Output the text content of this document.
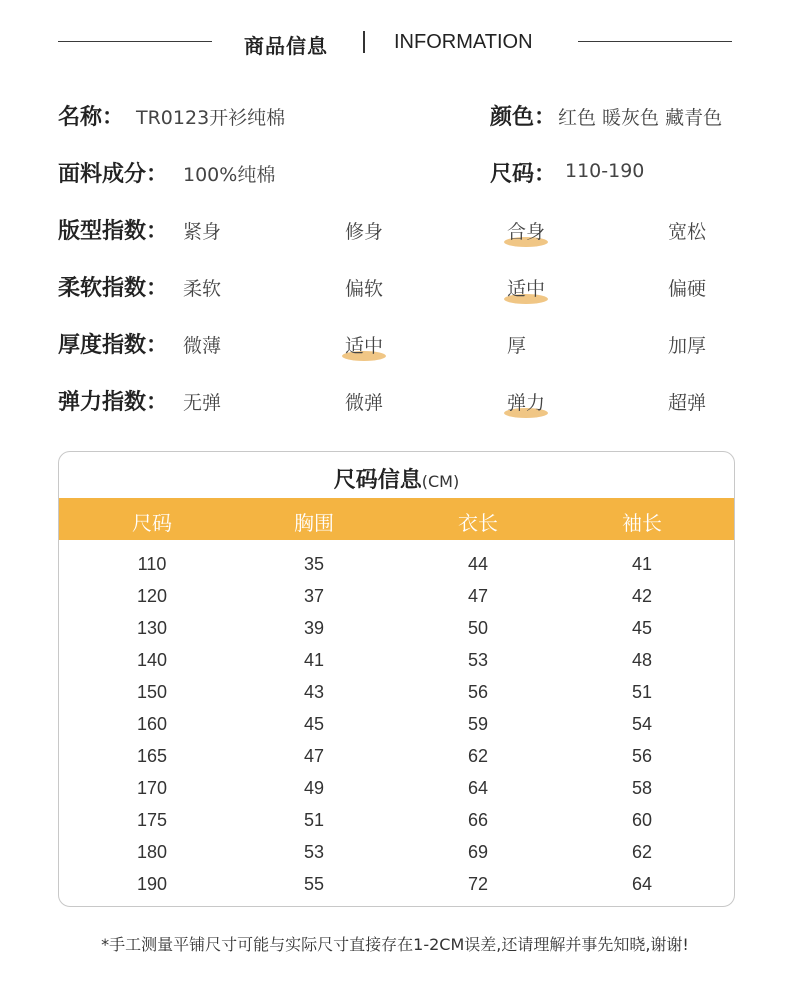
商品信息	INFORMATION
名称： TR0123开衫纯棉	颜色： 红色 暖灰色 藏青色
面料成分： 100%纯棉	尺码： 110-190
版型指数： 紧身	修身	合身	宽松
柔软指数： 柔软	偏软	适中	偏硬
厚度指数： 微薄	适中	厚	加厚
弹力指数： 无弹	微弹	弹力	超弹
尺码信息(CM)
尺码	胸围	衣长	袖长
110	35	44	41
120	37	47	42
130	39	50	45
140	41	53	48
150	43	56	51
160	45	59	54
165	47	62	56
170	49	64	58
175	51	66	60
180	53	69	62
190	55	72	64
*手工测量平铺尺寸可能与实际尺寸直接存在1-2CM误差,还请理解并事先知晓,谢谢!
